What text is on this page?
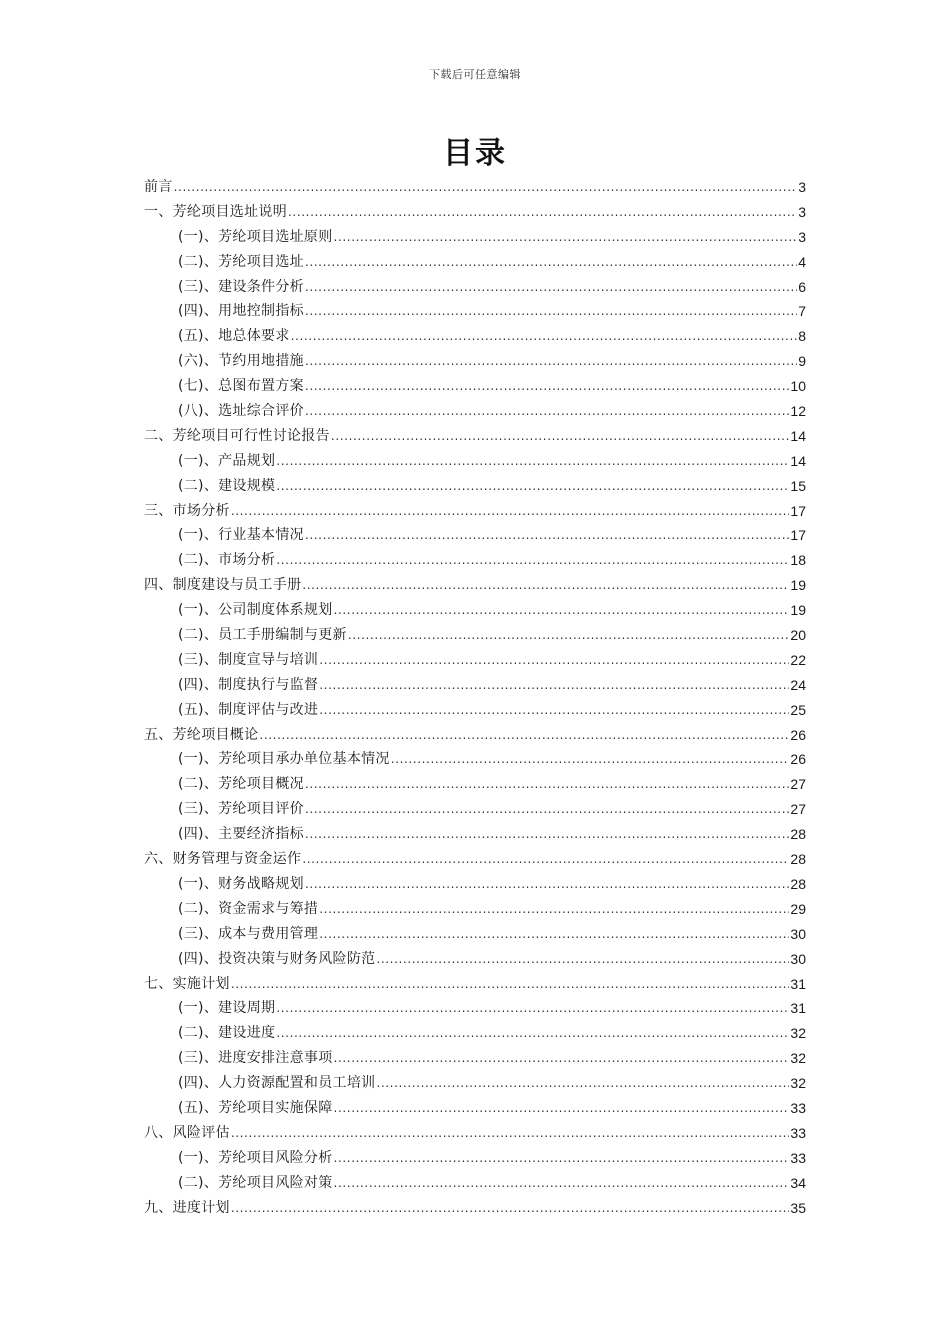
下载后可任意编辑
目录
前言 .....	3
一、芳纶项目选址说明 .....	3
(一)、芳纶项目选址原则 .....	3
(二)、芳纶项目选址 .....	4
(三)、建设条件分析 .....	6
(四)、用地控制指标 .....	7
(五)、地总体要求 .....	8
(六)、节约用地措施 .....	9
(七)、总图布置方案 .....	10
(八)、选址综合评价 .....	12
二、芳纶项目可行性讨论报告 .....	14
(一)、产品规划 .....	14
(二)、建设规模 .....	15
三、市场分析 .....	17
(一)、行业基本情况 .....	17
(二)、市场分析 .....	18
四、制度建设与员工手册 .....	19
(一)、公司制度体系规划 .....	19
(二)、员工手册编制与更新 .....	20
(三)、制度宣导与培训 .....	22
(四)、制度执行与监督 .....	24
(五)、制度评估与改进 .....	25
五、芳纶项目概论 .....	26
(一)、芳纶项目承办单位基本情况 .....	26
(二)、芳纶项目概况 .....	27
(三)、芳纶项目评价 .....	27
(四)、主要经济指标 .....	28
六、财务管理与资金运作 .....	28
(一)、财务战略规划 .....	28
(二)、资金需求与筹措 .....	29
(三)、成本与费用管理 .....	30
(四)、投资决策与财务风险防范 .....	30
七、实施计划 .....	31
(一)、建设周期 .....	31
(二)、建设进度 .....	32
(三)、进度安排注意事项 .....	32
(四)、人力资源配置和员工培训 .....	32
(五)、芳纶项目实施保障 .....	33
八、风险评估 .....	33
(一)、芳纶项目风险分析 .....	33
(二)、芳纶项目风险对策 .....	34
九、进度计划 .....	35
